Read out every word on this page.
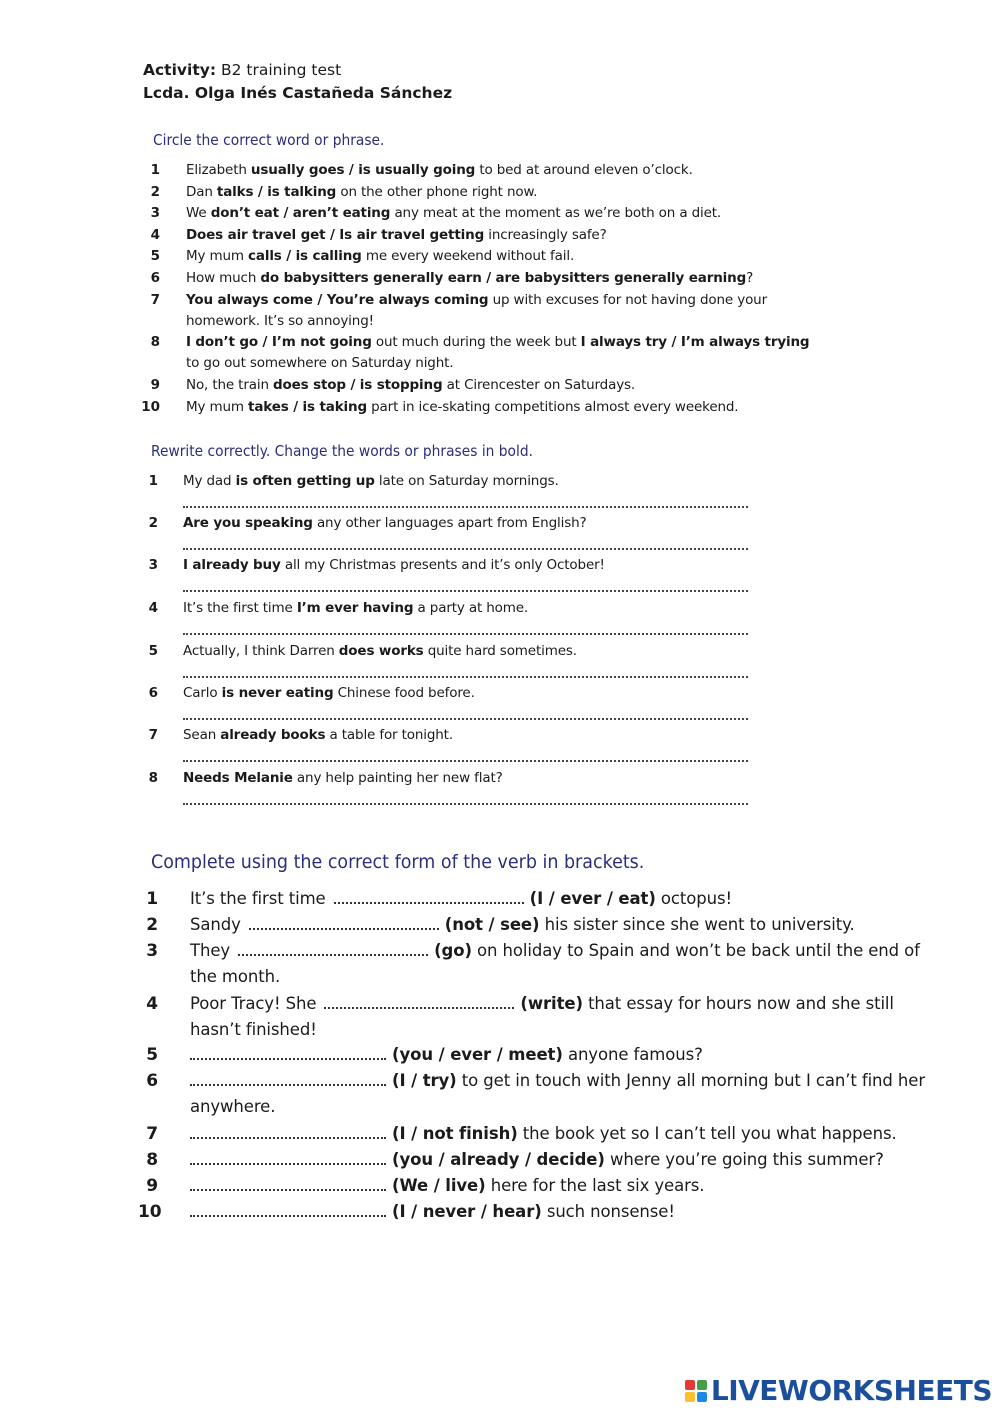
Activity: B2 training test
Lcda. Olga Inés Castañeda Sánchez
Circle the correct word or phrase.
Rewrite correctly. Change the words or phrases in bold.
Complete using the correct form of the verb in brackets.
1 Elizabeth usually goes / is usually going to bed at around eleven o’clock.
2 Dan talks / is talking on the other phone right now.
3 We don’t eat / aren’t eating any meat at the moment as we’re both on a diet.
4 Does air travel get / Is air travel getting increasingly safe?
5 My mum calls / is calling me every weekend without fail.
6 How much do babysitters generally earn / are babysitters generally earning?
7 You always come / You’re always coming up with excuses for not having done your
homework. It’s so annoying!
8 I don’t go / I’m not going out much during the week but I always try / I’m always trying
to go out somewhere on Saturday night.
9 No, the train does stop / is stopping at Cirencester on Saturdays.
10 My mum takes / is taking part in ice-skating competitions almost every weekend.
1 My dad is often getting up late on Saturday mornings.
2 Are you speaking any other languages apart from English?
3 I already buy all my Christmas presents and it’s only October!
4 It’s the first time I’m ever having a party at home.
5 Actually, I think Darren does works quite hard sometimes.
6 Carlo is never eating Chinese food before.
7 Sean already books a table for tonight.
8 Needs Melanie any help painting her new flat?
1 It’s the first time	(I / ever / eat) octopus!
2 Sandy	(not / see) his sister since she went to university.
3 They	(go) on holiday to Spain and won’t be back until the end of
the month.
4 Poor Tracy! She	(write) that essay for hours now and she still
hasn’t finished!
5	(you / ever / meet) anyone famous?
6	(I / try) to get in touch with Jenny all morning but I can’t find her
anywhere.
7	(I / not finish) the book yet so I can’t tell you what happens.
8	(you / already / decide) where you’re going this summer?
9	(We / live) here for the last six years.
10	(I / never / hear) such nonsense!
LIVEWORKSHEETS
